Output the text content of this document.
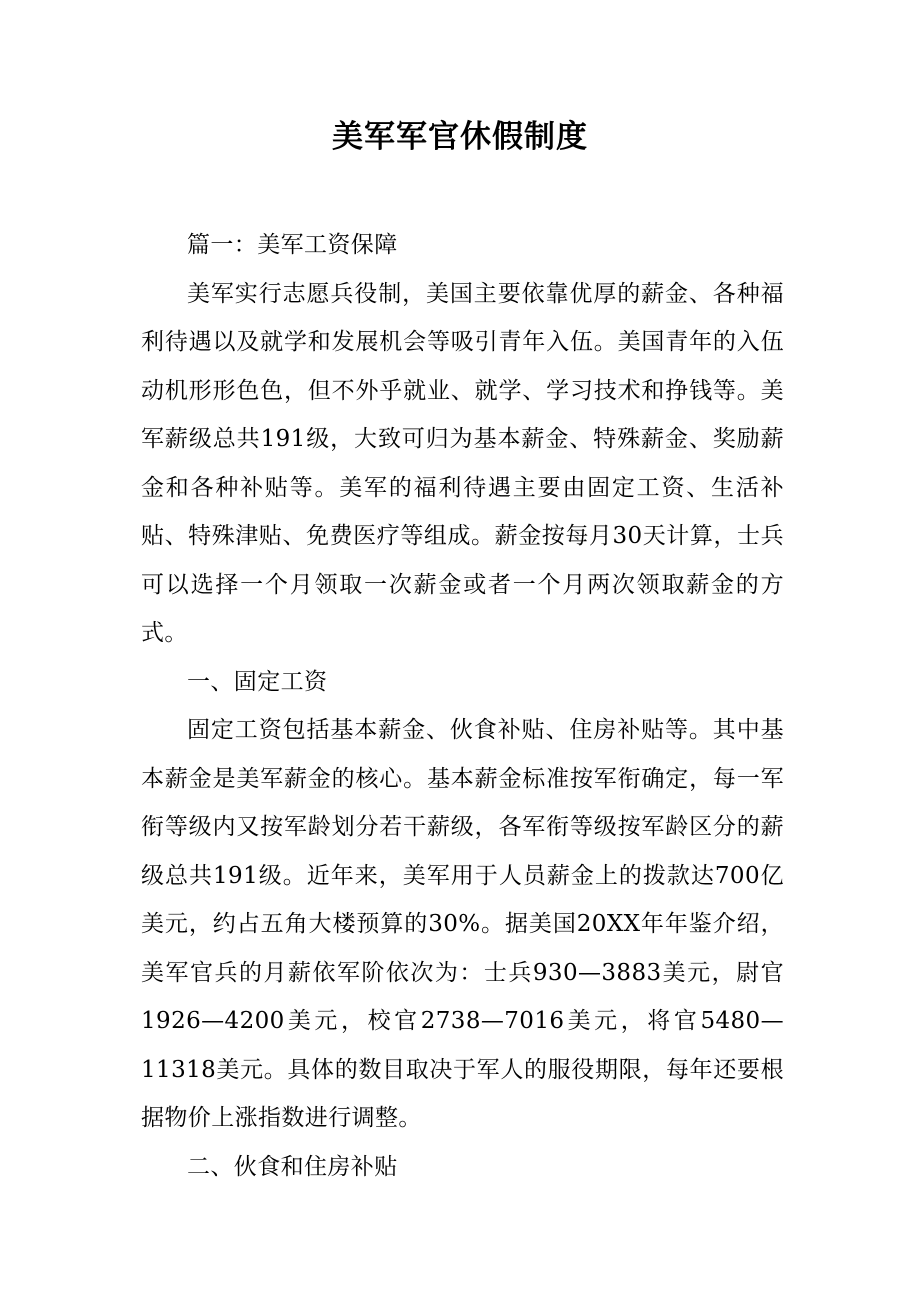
美军军官休假制度

篇一：美军工资保障

美军实行志愿兵役制，美国主要依靠优厚的薪金、各种福利待遇以及就学和发展机会等吸引青年入伍。美国青年的入伍动机形形色色，但不外乎就业、就学、学习技术和挣钱等。美军薪级总共191级，大致可归为基本薪金、特殊薪金、奖励薪金和各种补贴等。美军的福利待遇主要由固定工资、生活补贴、特殊津贴、免费医疗等组成。薪金按每月30天计算，士兵可以选择一个月领取一次薪金或者一个月两次领取薪金的方式。

一、固定工资

固定工资包括基本薪金、伙食补贴、住房补贴等。其中基本薪金是美军薪金的核心。基本薪金标准按军衔确定，每一军衔等级内又按军龄划分若干薪级，各军衔等级按军龄区分的薪级总共191级。近年来，美军用于人员薪金上的拨款达700亿美元，约占五角大楼预算的30%。据美国20XX年年鉴介绍，美军官兵的月薪依军阶依次为：士兵930—3883美元，尉官1926—4200美元，校官2738—7016美元，将官5480—11318美元。具体的数目取决于军人的服役期限，每年还要根据物价上涨指数进行调整。

二、伙食和住房补贴
